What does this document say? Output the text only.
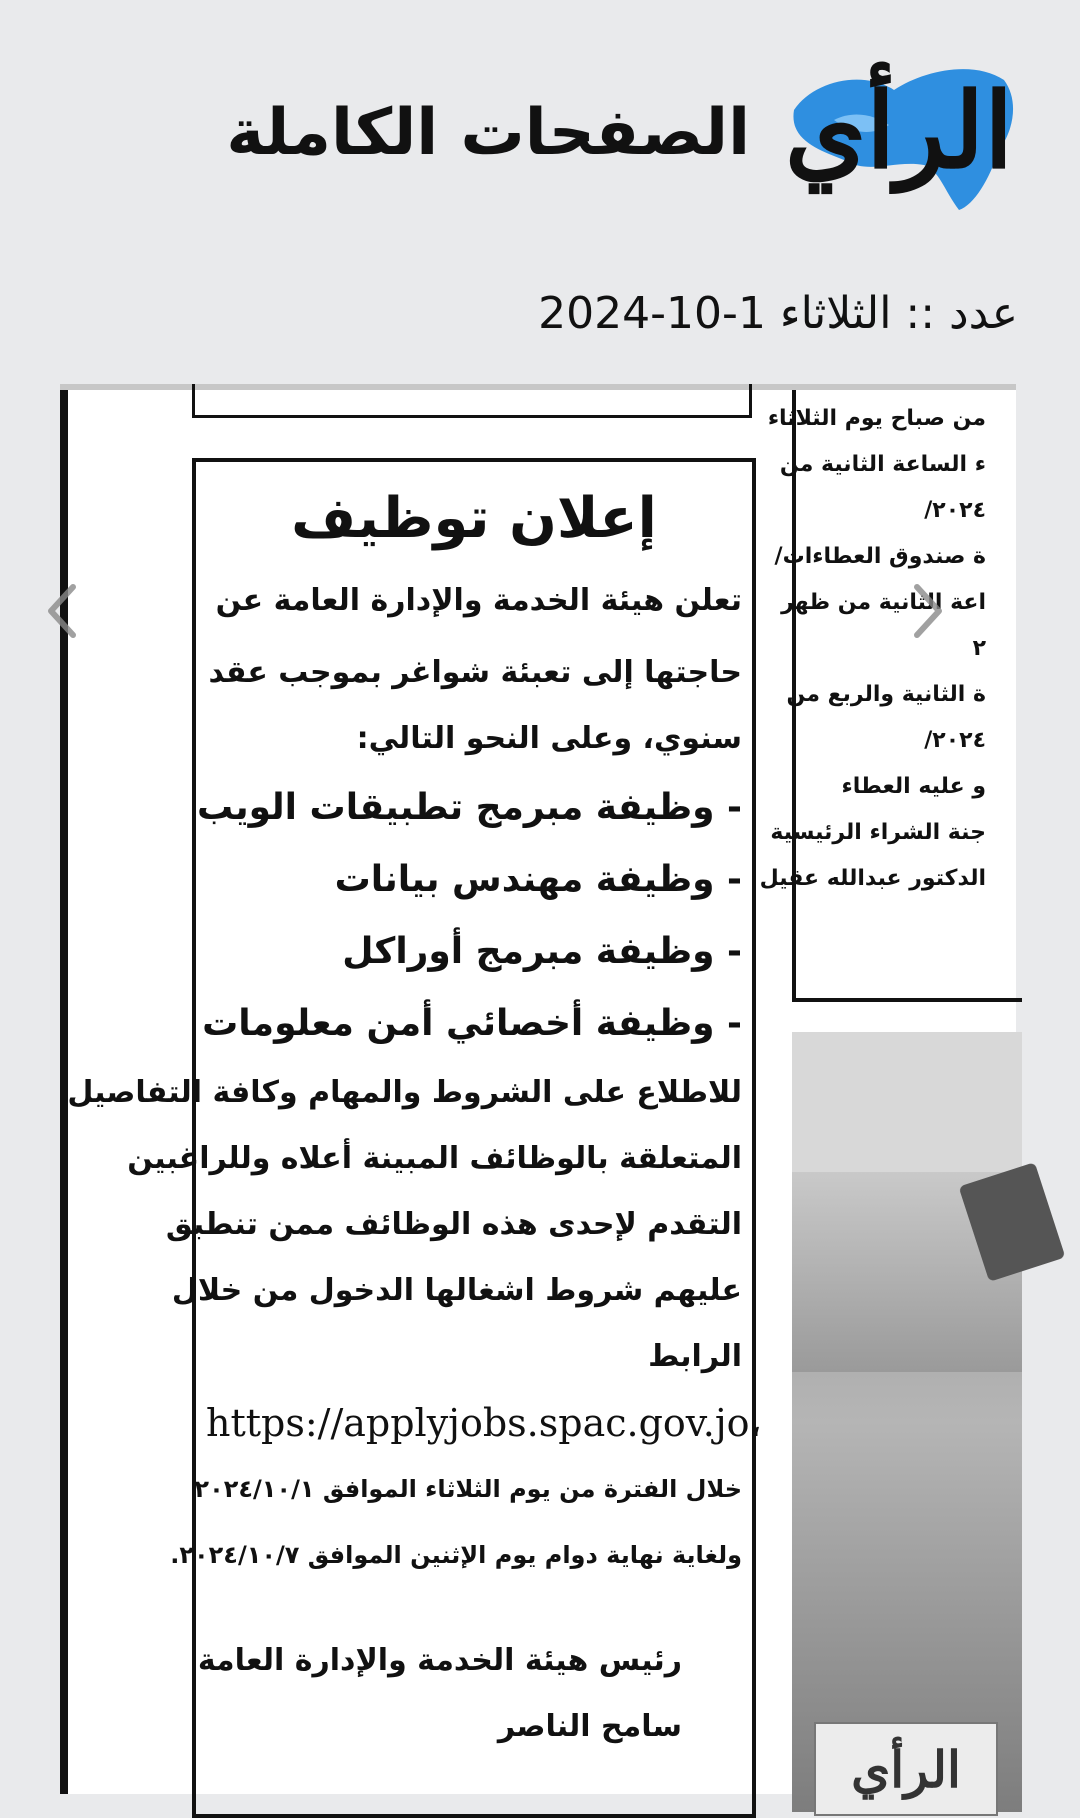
الرأي
الصفحات الكاملة
عدد :: الثلاثاء 1-10-2024
إعلان توظيف
تعلن هيئة الخدمة والإدارة العامة عن
حاجتها إلى تعبئة شواغر بموجب عقد
سنوي، وعلى النحو التالي:
- وظيفة مبرمج تطبيقات الويب
- وظيفة مهندس بيانات
- وظيفة مبرمج أوراكل
- وظيفة أخصائي أمن معلومات
للاطلاع على الشروط والمهام وكافة التفاصيل
المتعلقة بالوظائف المبينة أعلاه وللراغبين
التقدم لإحدى هذه الوظائف ممن تنطبق
عليهم شروط اشغالها الدخول من خلال
الرابط
https://applyjobs.spac.gov.jo،
خلال الفترة من يوم الثلاثاء الموافق ٢٠٢٤/١٠/١
ولغاية نهاية دوام يوم الإثنين الموافق ٢٠٢٤/١٠/٧.
رئيس هيئة الخدمة والإدارة العامة
سامح الناصر
من صباح يوم الثلاثاء
ء الساعة الثانية من
٢٠٢٤/
ة صندوق العطاءات/
اعة الثانية من ظهر
٢
ة الثانية والربع من
٢٠٢٤/
و عليه العطاء
جنة الشراء الرئيسية
الدكتور عبدالله عقيل
الرأي
